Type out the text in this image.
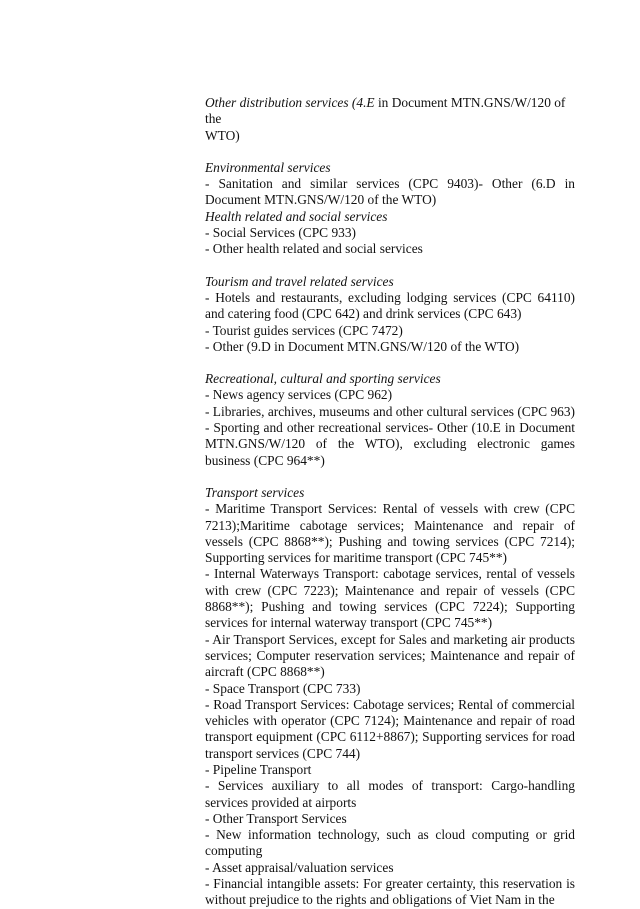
Other distribution services (4.E in Document MTN.GNS/W/120 of the
WTO)

Environmental services
- Sanitation and similar services (CPC 9403)- Other (6.D in Document MTN.GNS/W/120 of the WTO)
Health related and social services
- Social Services (CPC 933)
- Other health related and social services
Tourism and travel related services
- Hotels and restaurants, excluding lodging services (CPC 64110) and catering food (CPC 642) and drink services (CPC 643)
- Tourist guides services (CPC 7472)
- Other (9.D in Document MTN.GNS/W/120 of the WTO)
Recreational, cultural and sporting services
- News agency services (CPC 962)
- Libraries, archives, museums and other cultural services (CPC 963)
- Sporting and other recreational services- Other (10.E in Document MTN.GNS/W/120 of the WTO), excluding electronic games business (CPC 964**)
Transport services
- Maritime Transport Services: Rental of vessels with crew (CPC 7213);Maritime cabotage services; Maintenance and repair of vessels (CPC 8868**); Pushing and towing services (CPC 7214); Supporting services for maritime transport (CPC 745**)
- Internal Waterways Transport: cabotage services, rental of vessels with crew (CPC 7223); Maintenance and repair of vessels (CPC 8868**); Pushing and towing services (CPC 7224); Supporting services for internal waterway transport (CPC 745**)
- Air Transport Services, except for Sales and marketing air products services; Computer reservation services; Maintenance and repair of aircraft (CPC 8868**)
- Space Transport (CPC 733)
- Road Transport Services: Cabotage services; Rental of commercial vehicles with operator (CPC 7124); Maintenance and repair of road transport equipment (CPC 6112+8867); Supporting services for road transport services (CPC 744)
- Pipeline Transport
- Services auxiliary to all modes of transport: Cargo-handling services provided at airports
- Other Transport Services
- New information technology, such as cloud computing or grid computing
- Asset appraisal/valuation services
- Financial intangible assets: For greater certainty, this reservation is without prejudice to the rights and obligations of Viet Nam in the
